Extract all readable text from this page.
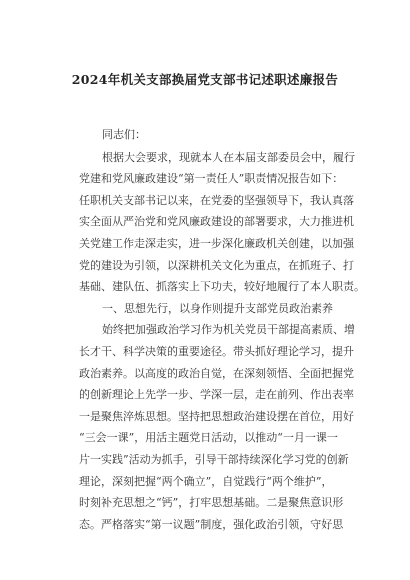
2024年机关支部换届党支部书记述职述廉报告
同志们：
根据大会要求，现就本人在本届支部委员会中，履行
党建和党风廉政建设“第一责任人”职责情况报告如下：
任职机关支部书记以来，在党委的坚强领导下，我认真落
实全面从严治党和党风廉政建设的部署要求，大力推进机
关党建工作走深走实，进一步深化廉政机关创建，以加强
党的建设为引领，以深耕机关文化为重点，在抓班子、打
基础、建队伍、抓落实上下功夫，较好地履行了本人职责。
一、思想先行，以身作则提升支部党员政治素养
始终把加强政治学习作为机关党员干部提高素质、增
长才干、科学决策的重要途径。带头抓好理论学习，提升
政治素养。以高度的政治自觉，在深刻领悟、全面把握党
的创新理论上先学一步、学深一层，走在前列、作出表率
一是聚焦淬炼思想。坚持把思想政治建设摆在首位，用好
“三会一课”，用活主题党日活动，以推动“一月一课一
片一实践”活动为抓手，引导干部持续深化学习党的创新
理论，深刻把握“两个确立”，自觉践行“两个维护”，
时刻补充思想之“钙”，打牢思想基础。二是聚焦意识形
态。严格落实“第一议题”制度，强化政治引领，守好思
